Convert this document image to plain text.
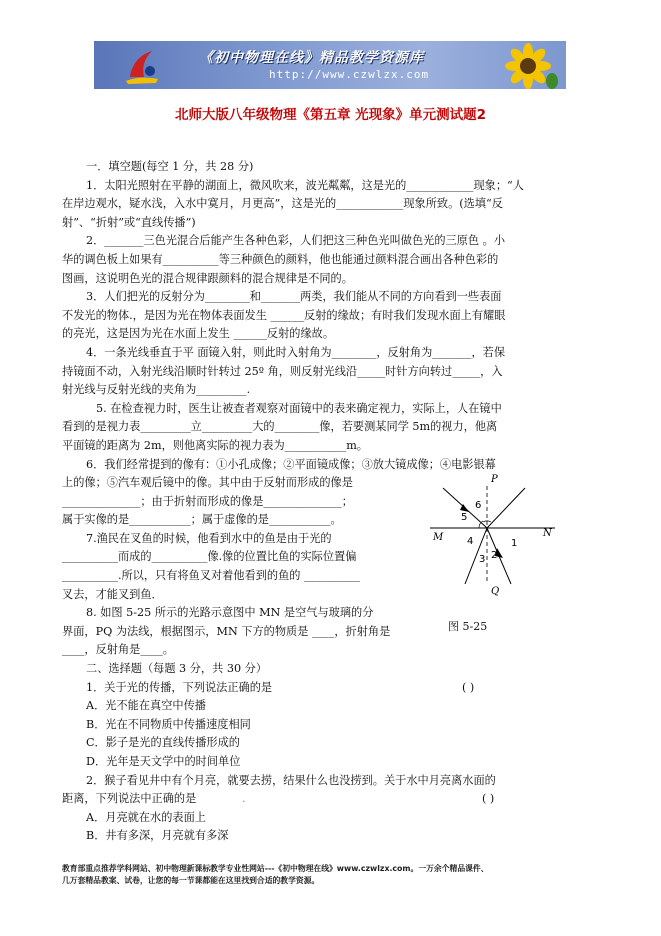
《初中物理在线》精品教学资源库
http://www.czwlzx.com
北师大版八年级物理《第五章 光现象》单元测试题2
一．填空题(每空 1 分，共 28 分)
1．太阳光照射在平静的湖面上，微风吹来，波光粼粼，这是光的____________现象；“人
在岸边观水，疑水浅，入水中寞月，月更高”，这是光的____________现象所致。(选填“反
射”、“折射”或“直线传播”)
2．_______三色光混合后能产生各种色彩，人们把这三种色光叫做色光的三原色 。小
华的调色板上如果有__________等三种颜色的颜料，他也能通过颜料混合画出各种色彩的
图画，这说明色光的混合规律跟颜料的混合规律是不同的。
3．人们把光的反射分为________和_______两类，我们能从不同的方向看到一些表面
不发光的物体.，是因为光在物体表面发生 ______反射的缘故；有时我们发现水面上有耀眼
的亮光，这是因为光在水面上发生 ______反射的缘故。
4．一条光线垂直于平 面镜入射，则此时入射角为________，反射角为_______，若保
持镜面不动，入射光线沿顺时针转过 25º 角，则反射光线沿_____时针方向转过_____，入
射光线与反射光线的夹角为_________.
5. 在检查视力时，医生让被查者观察对面镜中的表来确定视力，实际上，人在镜中
看到的是视力表_________立_________大的________像，若要测某同学 5m的视力，他离
平面镜的距离为 2m，则他离实际的视力表为___________m。
6．我们经常提到的像有：①小孔成像；②平面镜成像；③放大镜成像；④电影银幕
上的像；⑤汽车观后镜中的像。其中由于反射而形成的像是
______________；由于折射而形成的像是______________；
属于实像的是___________；属于虚像的是___________。
7.渔民在叉鱼的时候，他看到水中的鱼是由于光的
__________而成的__________像.像的位置比鱼的实际位置偏
__________.所以，只有将鱼叉对着他看到的鱼的 __________
叉去，才能叉到鱼．
8. 如图 5-25 所示的光路示意图中 MN 是空气与玻璃的分
界面，PQ 为法线，根据图示，MN 下方的物质是 ____，折射角是
____，反射角是____。
二、选择题（每题 3 分，共 30 分）
1．关于光的传播，下列说法正确的是	( )
A．光不能在真空中传播
B．光在不同物质中传播速度相同
C．影子是光的直线传播形成的
D．光年是天文学中的时间单位
2．猴子看见井中有个月亮，就要去捞，结果什么也没捞到。关于水中月亮离水面的
距离，下列说法中正确的是	.	( )
A．月亮就在水的表面上
B．井有多深，月亮就有多深
P
Q
M	N
6
5
4	1
3 2
图 5-25
教育部重点推荐学科网站、初中物理新课标教学专业性网站---《初中物理在线》www.czwlzx.com。一万余个精品课件、
几万套精品教案、试卷，让您的每一节课都能在这里找到合适的教学资源。
